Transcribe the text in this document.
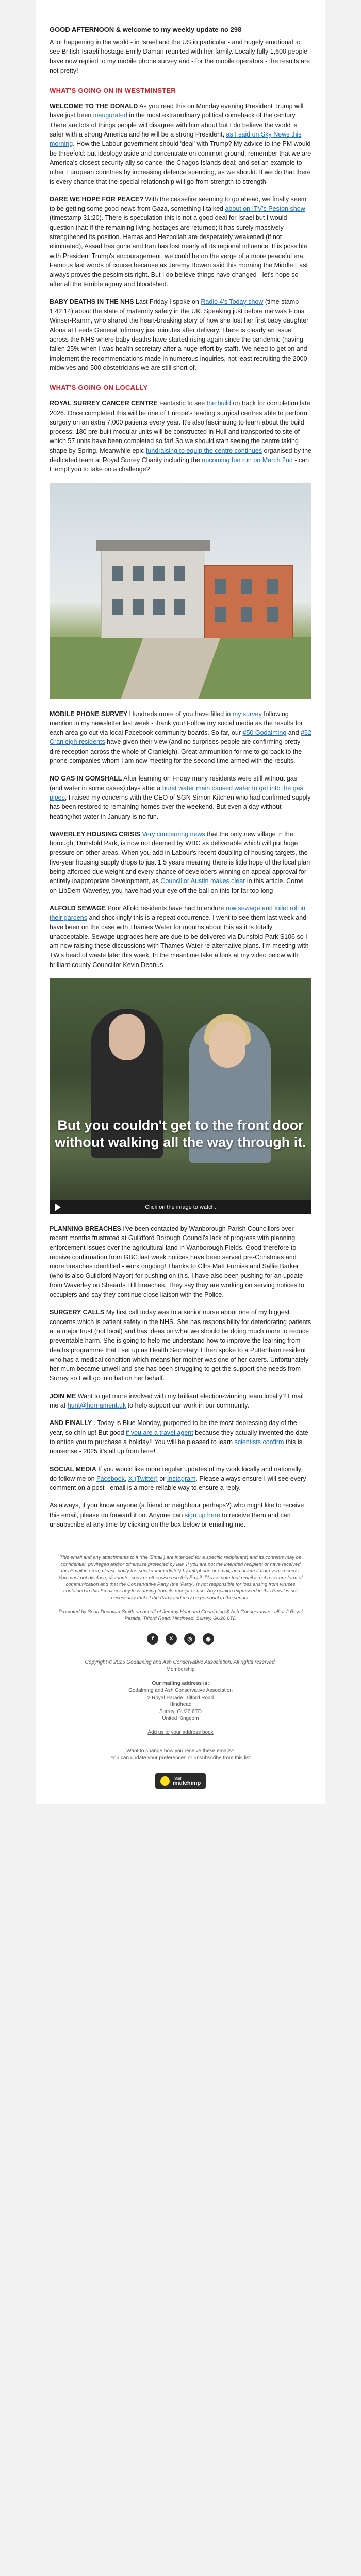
GOOD AFTERNOON & welcome to my weekly update no 298

A lot happening in the world - in Israel and the US in particular - and hugely emotional to see British-Israeli hostage Emily Damari reunited with her family. Locally fully 1,600 people have now replied to my mobile phone survey and - for the mobile operators - the results are not pretty!

WHAT'S GOING ON IN WESTMINSTER

WELCOME TO THE DONALD As you read this on Monday evening President Trump will have just been inaugurated in the most extraordinary political comeback of the century. There are lots of things people will disagree with him about but I do believe the world is safer with a strong America and he will be a strong President, as I said on Sky News this morning. How the Labour government should 'deal' with Trump? My advice to the PM would be threefold: put ideology aside and concentrate on common ground; remember that we are America's closest security ally so cancel the Chagos Islands deal; and set an example to other European countries by increasing defence spending, as we should. If we do that there is every chance that the special relationship will go from strength to strength

DARE WE HOPE FOR PEACE? With the ceasefire seeming to go ahead, we finally seem to be getting some good news from Gaza, something I talked about on ITV's Peston show (timestamp 31:20). There is speculation this is not a good deal for Israel but I would question that: if the remaining living hostages are returned; it has surely massively strengthened its position. Hamas and Hezbollah are desperately weakened (if not eliminated), Assad has gone and Iran has lost nearly all its regional influence. It is possible, with President Trump's encouragement, we could be on the verge of a more peaceful era. Famous last words of course because as Jeremy Bowen said this morning the Middle East always proves the pessimists right. But I do believe things have changed - let's hope so after all the terrible agony and bloodshed.

BABY DEATHS IN THE NHS Last Friday I spoke on Radio 4's Today show (time stamp 1:42:14) about the state of maternity safety in the UK. Speaking just before me was Fiona Winser-Ramm, who shared the heart-breaking story of how she lost her first baby daughter Alona at Leeds General Infirmary just minutes after delivery. There is clearly an issue across the NHS where baby deaths have started rising again since the pandemic (having fallen 25% when I was health secretary after a huge effort by staff). We need to get on and implement the recommendations made in numerous inquiries, not least recruiting the 2000 midwives and 500 obstetricians we are still short of.

WHAT'S GOING ON LOCALLY

ROYAL SURREY CANCER CENTRE Fantastic to see the build on track for completion late 2026. Once completed this will be one of Europe's leading surgical centres able to perform surgery on an extra 7,000 patients every year. It's also fascinating to learn about the build process: 180 pre-built modular units will be constructed in Hull and transported to site of which 57 units have been completed so far! So we should start seeing the centre taking shape by Spring. Meanwhile epic fundraising to equip the centre continues organised by the dedicated team at Royal Surrey Charity including the upcoming fun run on March 2nd - can I tempt you to take on a challenge?

MOBILE PHONE SURVEY Hundreds more of you have filled in my survey following mention in my newsletter last week - thank you! Follow my social media as the results for each area go out via local Facebook community boards. So far, our #50 Godalming and #52 Cranleigh residents have given their view (and no surprises people are confirming pretty dire reception across the whole of Cranleigh). Great ammunition for me to go back to the phone companies whom I am now meeting for the second time armed with the results.

NO GAS IN GOMSHALL After learning on Friday many residents were still without gas (and water in some cases) days after a burst water main caused water to get into the gas pipes, I raised my concerns with the CEO of SGN Simon Kitchen who had confirmed supply has been restored to remaining homes over the weekend. But even a day without heating/hot water in January is no fun.

WAVERLEY HOUSING CRISIS Very concerning news that the only new village in the borough, Dunsfold Park, is now not deemed by WBC as deliverable which will put huge pressure on other areas. When you add in Labour's recent doubling of housing targets, the five-year housing supply drops to just 1.5 years meaning there is little hope of the local plan being afforded due weight and every chance of developers winning on appeal approval for entirely inappropriate development, as Councillor Austin makes clear in this article. Come on LibDem Waverley, you have had your eye off the ball on this for far too long -

ALFOLD SEWAGE Poor Alfold residents have had to endure raw sewage and toilet roll in their gardens and shockingly this is a repeat occurrence. I went to see them last week and have been on the case with Thames Water for months about this as it is totally unacceptable. Sewage upgrades here are due to be delivered via Dunsfold Park S106 so I am now raising these discussions with Thames Water re alternative plans. I'm meeting with TW's head of waste later this week. In the meantime take a look at my video below with brilliant county Councillor Kevin Deanus

But you couldn't get to the front door without walking all the way through it.
Click on the image to watch.

PLANNING BREACHES I've been contacted by Wanborough Parish Councillors over recent months frustrated at Guildford Borough Council's lack of progress with planning enforcement issues over the agricultural land in Wanborough Fields. Good therefore to receive confirmation from GBC last week notices have been served pre-Christmas and more breaches identified - work ongoing! Thanks to Cllrs Matt Furniss and Sallie Barker (who is also Guildford Mayor) for pushing on this. I have also been pushing for an update from Waverley on Sheards Hill breaches. They say they are working on serving notices to occupiers and say they continue close liaison with the Police.

SURGERY CALLS My first call today was to a senior nurse about one of my biggest concerns which is patient safety in the NHS. She has responsibility for deteriorating patients at a major trust (not local) and has ideas on what we should be doing much more to reduce preventable harm. She is going to help me understand how to improve the learning from deaths programme that I set up as Health Secretary. I then spoke to a Puttenham resident who has a medical condition which means her mother was one of her carers. Unfortunately her mum became unwell and she has been struggling to get the support she needs from Surrey so I will go into bat on her behalf.

JOIN ME Want to get more involved with my brilliant election-winning team locally? Email me at hunt@hornament.uk to help support our work in our community.

AND FINALLY . Today is Blue Monday, purported to be the most depressing day of the year, so chin up! But good if you are a travel agent because they actually invented the date to entice you to purchase a holiday!! You will be pleased to learn scientists confirm this is nonsense - 2025 it's all up from here!

SOCIAL MEDIA If you would like more regular updates of my work locally and nationally, do follow me on Facebook, X (Twitter) or Instagram. Please always ensure I will see every comment on a post - email is a more reliable way to ensure a reply.

As always, if you know anyone (a friend or neighbour perhaps?) who might like to receive this email, please do forward it on. Anyone can sign up here to receive them and can unsubscribe at any time by clicking on the box below or emailing me.

This email and any attachments to it (the 'Email') are intended for a specific recipient(s) and its contents may be confidential, privileged and/or otherwise protected by law. If you are not the intended recipient or have received this Email in error, please notify the sender immediately by telephone or email, and delete it from your records. You must not disclose, distribute, copy or otherwise use this Email. Please note that email is not a secure form of communication and that the Conservative Party (the 'Party') is not responsible for loss arising from viruses contained in this Email nor any loss arising from its receipt or use. Any opinion expressed in this Email is not necessarily that of the Party and may be personal to the sender.
Promoted by Sean Donovan-Smith on behalf of Jeremy Hunt and Godalming & Ash Conservatives, all at 2 Royal Parade, Tilford Road, Hindhead, Surrey, GU26 6TD
f	X	◎	◉
Copyright © 2025 Godalming and Ash Conservative Association, All rights reserved.
Membership
Our mailing address is:
Godalming and Ash Conservative Association
2 Royal Parade, Tilford Road
Hindhead
Surrey, GU26 6TD
United Kingdom

Add us to your address book
Want to change how you receive these emails?
You can update your preferences or unsubscribe from this list
intuit
mailchimp
